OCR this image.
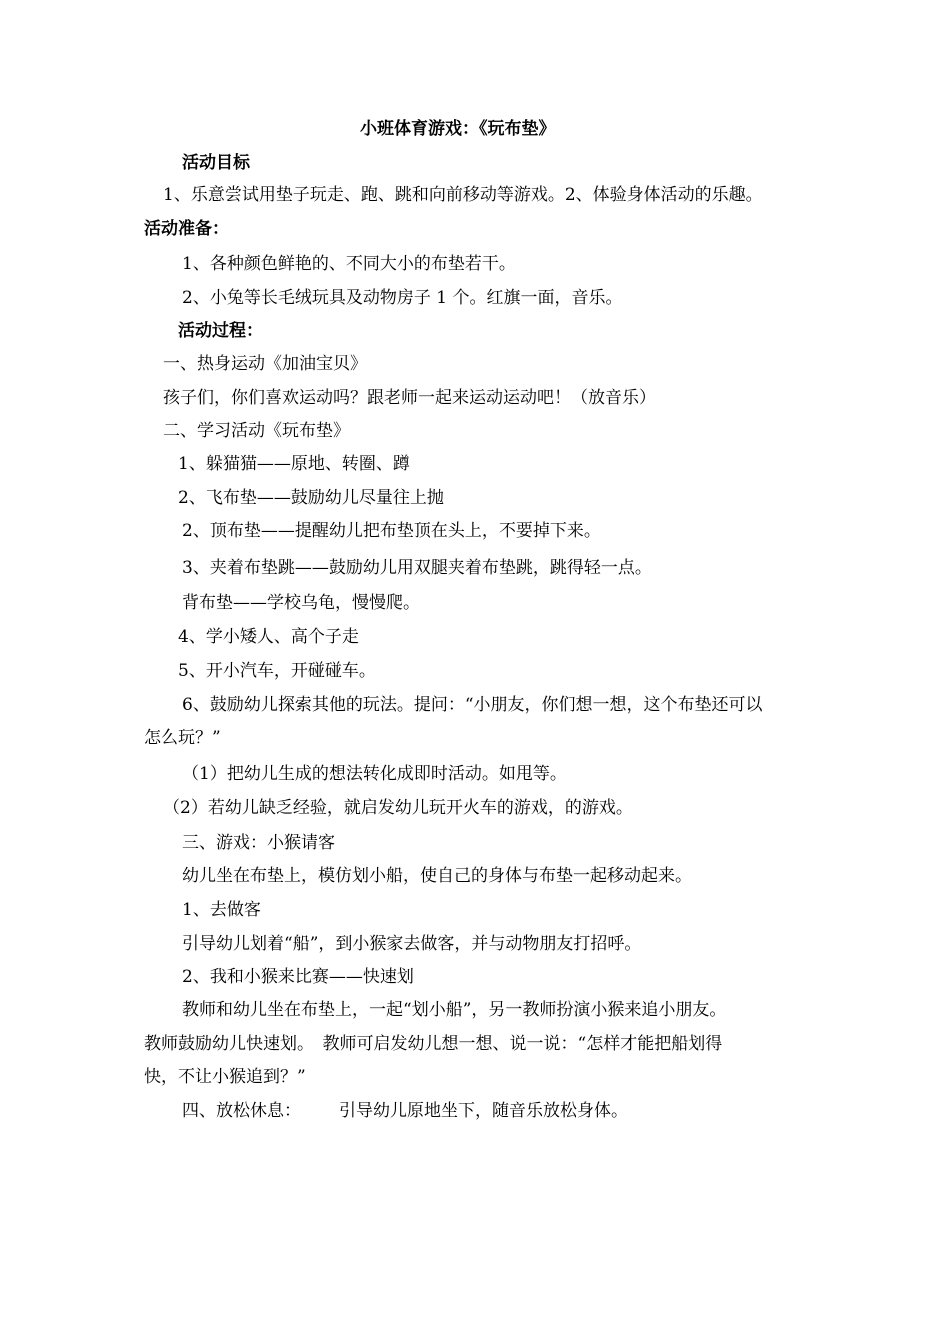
小班体育游戏：《玩布垫》
活动目标
1、乐意尝试用垫子玩走、跑、跳和向前移动等游戏。2、体验身体活动的乐趣。
活动准备：
1、各种颜色鲜艳的、不同大小的布垫若干。
2、小兔等长毛绒玩具及动物房子 1 个。红旗一面，音乐。
活动过程：
一、热身运动《加油宝贝》
孩子们，你们喜欢运动吗？跟老师一起来运动运动吧！（放音乐）
二、学习活动《玩布垫》
1、躲猫猫——原地、转圈、蹲
2、飞布垫——鼓励幼儿尽量往上抛
2、顶布垫——提醒幼儿把布垫顶在头上，不要掉下来。
3、夹着布垫跳——鼓励幼儿用双腿夹着布垫跳，跳得轻一点。
背布垫——学校乌龟，慢慢爬。
4、学小矮人、高个子走
5、开小汽车，开碰碰车。
6、鼓励幼儿探索其他的玩法。提问：“小朋友，你们想一想，这个布垫还可以
怎么玩？”
（1）把幼儿生成的想法转化成即时活动。如甩等。
（2）若幼儿缺乏经验，就启发幼儿玩开火车的游戏，的游戏。
三、游戏：小猴请客
幼儿坐在布垫上，模仿划小船，使自己的身体与布垫一起移动起来。
1、去做客
引导幼儿划着“船”，到小猴家去做客，并与动物朋友打招呼。
2、我和小猴来比赛——快速划
教师和幼儿坐在布垫上，一起“划小船”，另一教师扮演小猴来追小朋友。
教师鼓励幼儿快速划。　教师可启发幼儿想一想、说一说：“怎样才能把船划得
快，不让小猴追到？”
四、放松休息： 引导幼儿原地坐下，随音乐放松身体。
